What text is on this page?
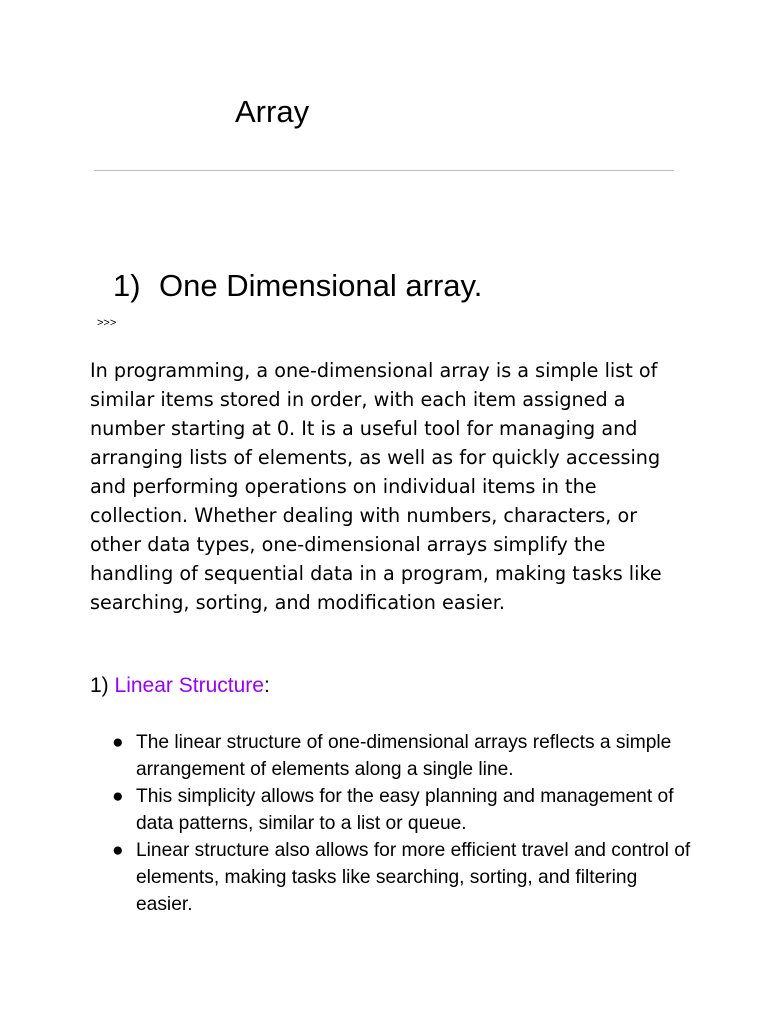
Array
1) One Dimensional array.
>>>

In programming, a one-dimensional array is a simple list of similar items stored in order, with each item assigned a number starting at 0. It is a useful tool for managing and arranging lists of elements, as well as for quickly accessing and performing operations on individual items in the collection. Whether dealing with numbers, characters, or other data types, one-dimensional arrays simplify the handling of sequential data in a program, making tasks like searching, sorting, and modification easier.

1) Linear Structure:
● The linear structure of one-dimensional arrays reflects a simple arrangement of elements along a single line.
● This simplicity allows for the easy planning and management of data patterns, similar to a list or queue.
● Linear structure also allows for more efficient travel and control of elements, making tasks like searching, sorting, and filtering easier.
